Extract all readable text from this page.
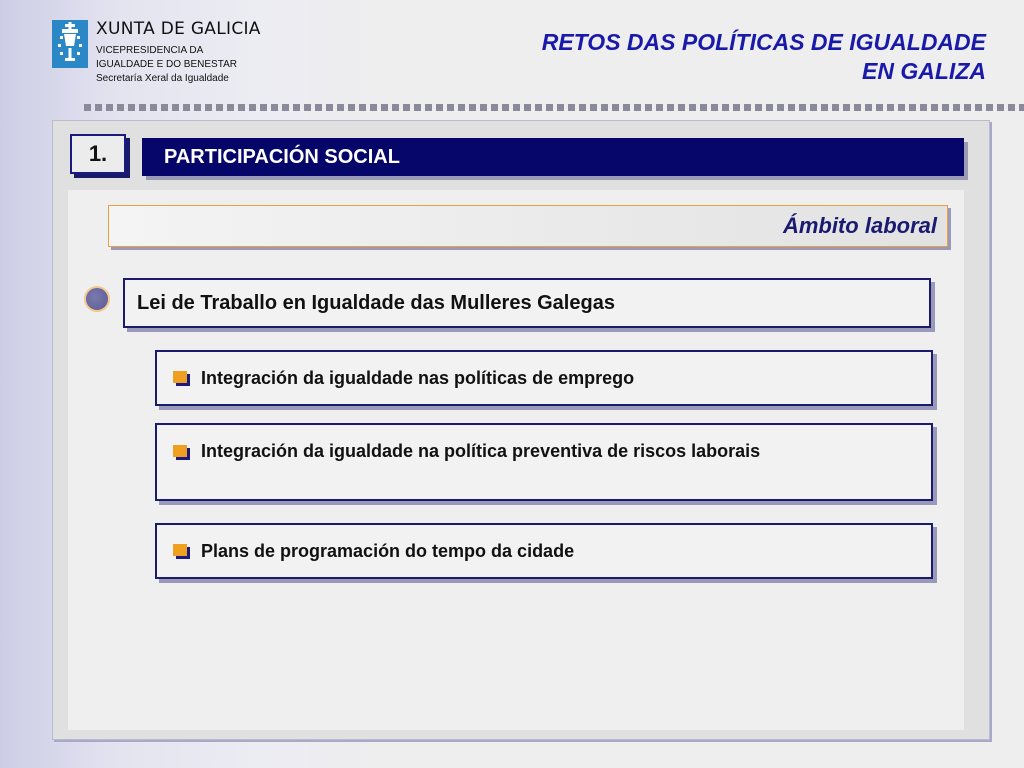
XUNTA DE GALICIA
VICEPRESIDENCIA DA
IGUALDADE E DO BENESTAR
Secretaría Xeral da Igualdade
RETOS DAS POLÍTICAS DE IGUALDADE
EN GALIZA
1.	PARTICIPACIÓN SOCIAL
Ámbito laboral
Lei de Traballo en Igualdade das Mulleres Galegas
Integración da igualdade nas políticas de emprego
Integración da igualdade na política preventiva de riscos laborais
Plans de programación do tempo da cidade
